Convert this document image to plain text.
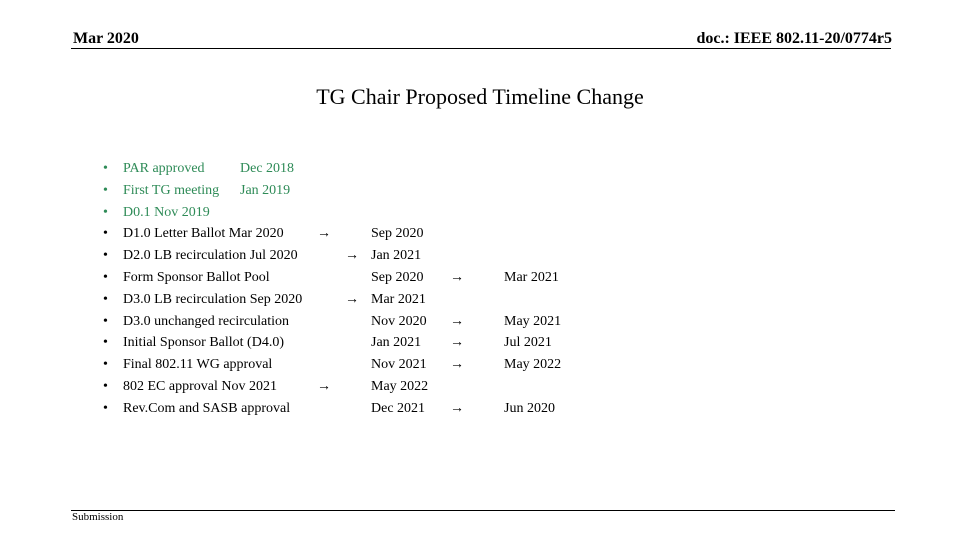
Mar 2020	doc.: IEEE 802.11-20/0774r5
TG Chair Proposed Timeline Change
• PAR approved	Dec 2018
• First TG meeting Jan 2019
• D0.1 Nov 2019
• D1.0 Letter Ballot Mar 2020 →	Sep 2020
• D2.0 LB recirculation Jul 2020	→ Jan 2021
• Form Sponsor Ballot Pool	Sep 2020 →	Mar 2021
• D3.0 LB recirculation Sep 2020	→ Mar 2021
• D3.0 unchanged recirculation	Nov 2020 →	May 2021
• Initial Sponsor Ballot (D4.0)	Jan 2021 →	Jul 2021
• Final 802.11 WG approval	Nov 2021 →	May 2022
• 802 EC approval Nov 2021	→	May 2022
• Rev.Com and SASB approval	Dec 2021 →	Jun 2020
Submission
